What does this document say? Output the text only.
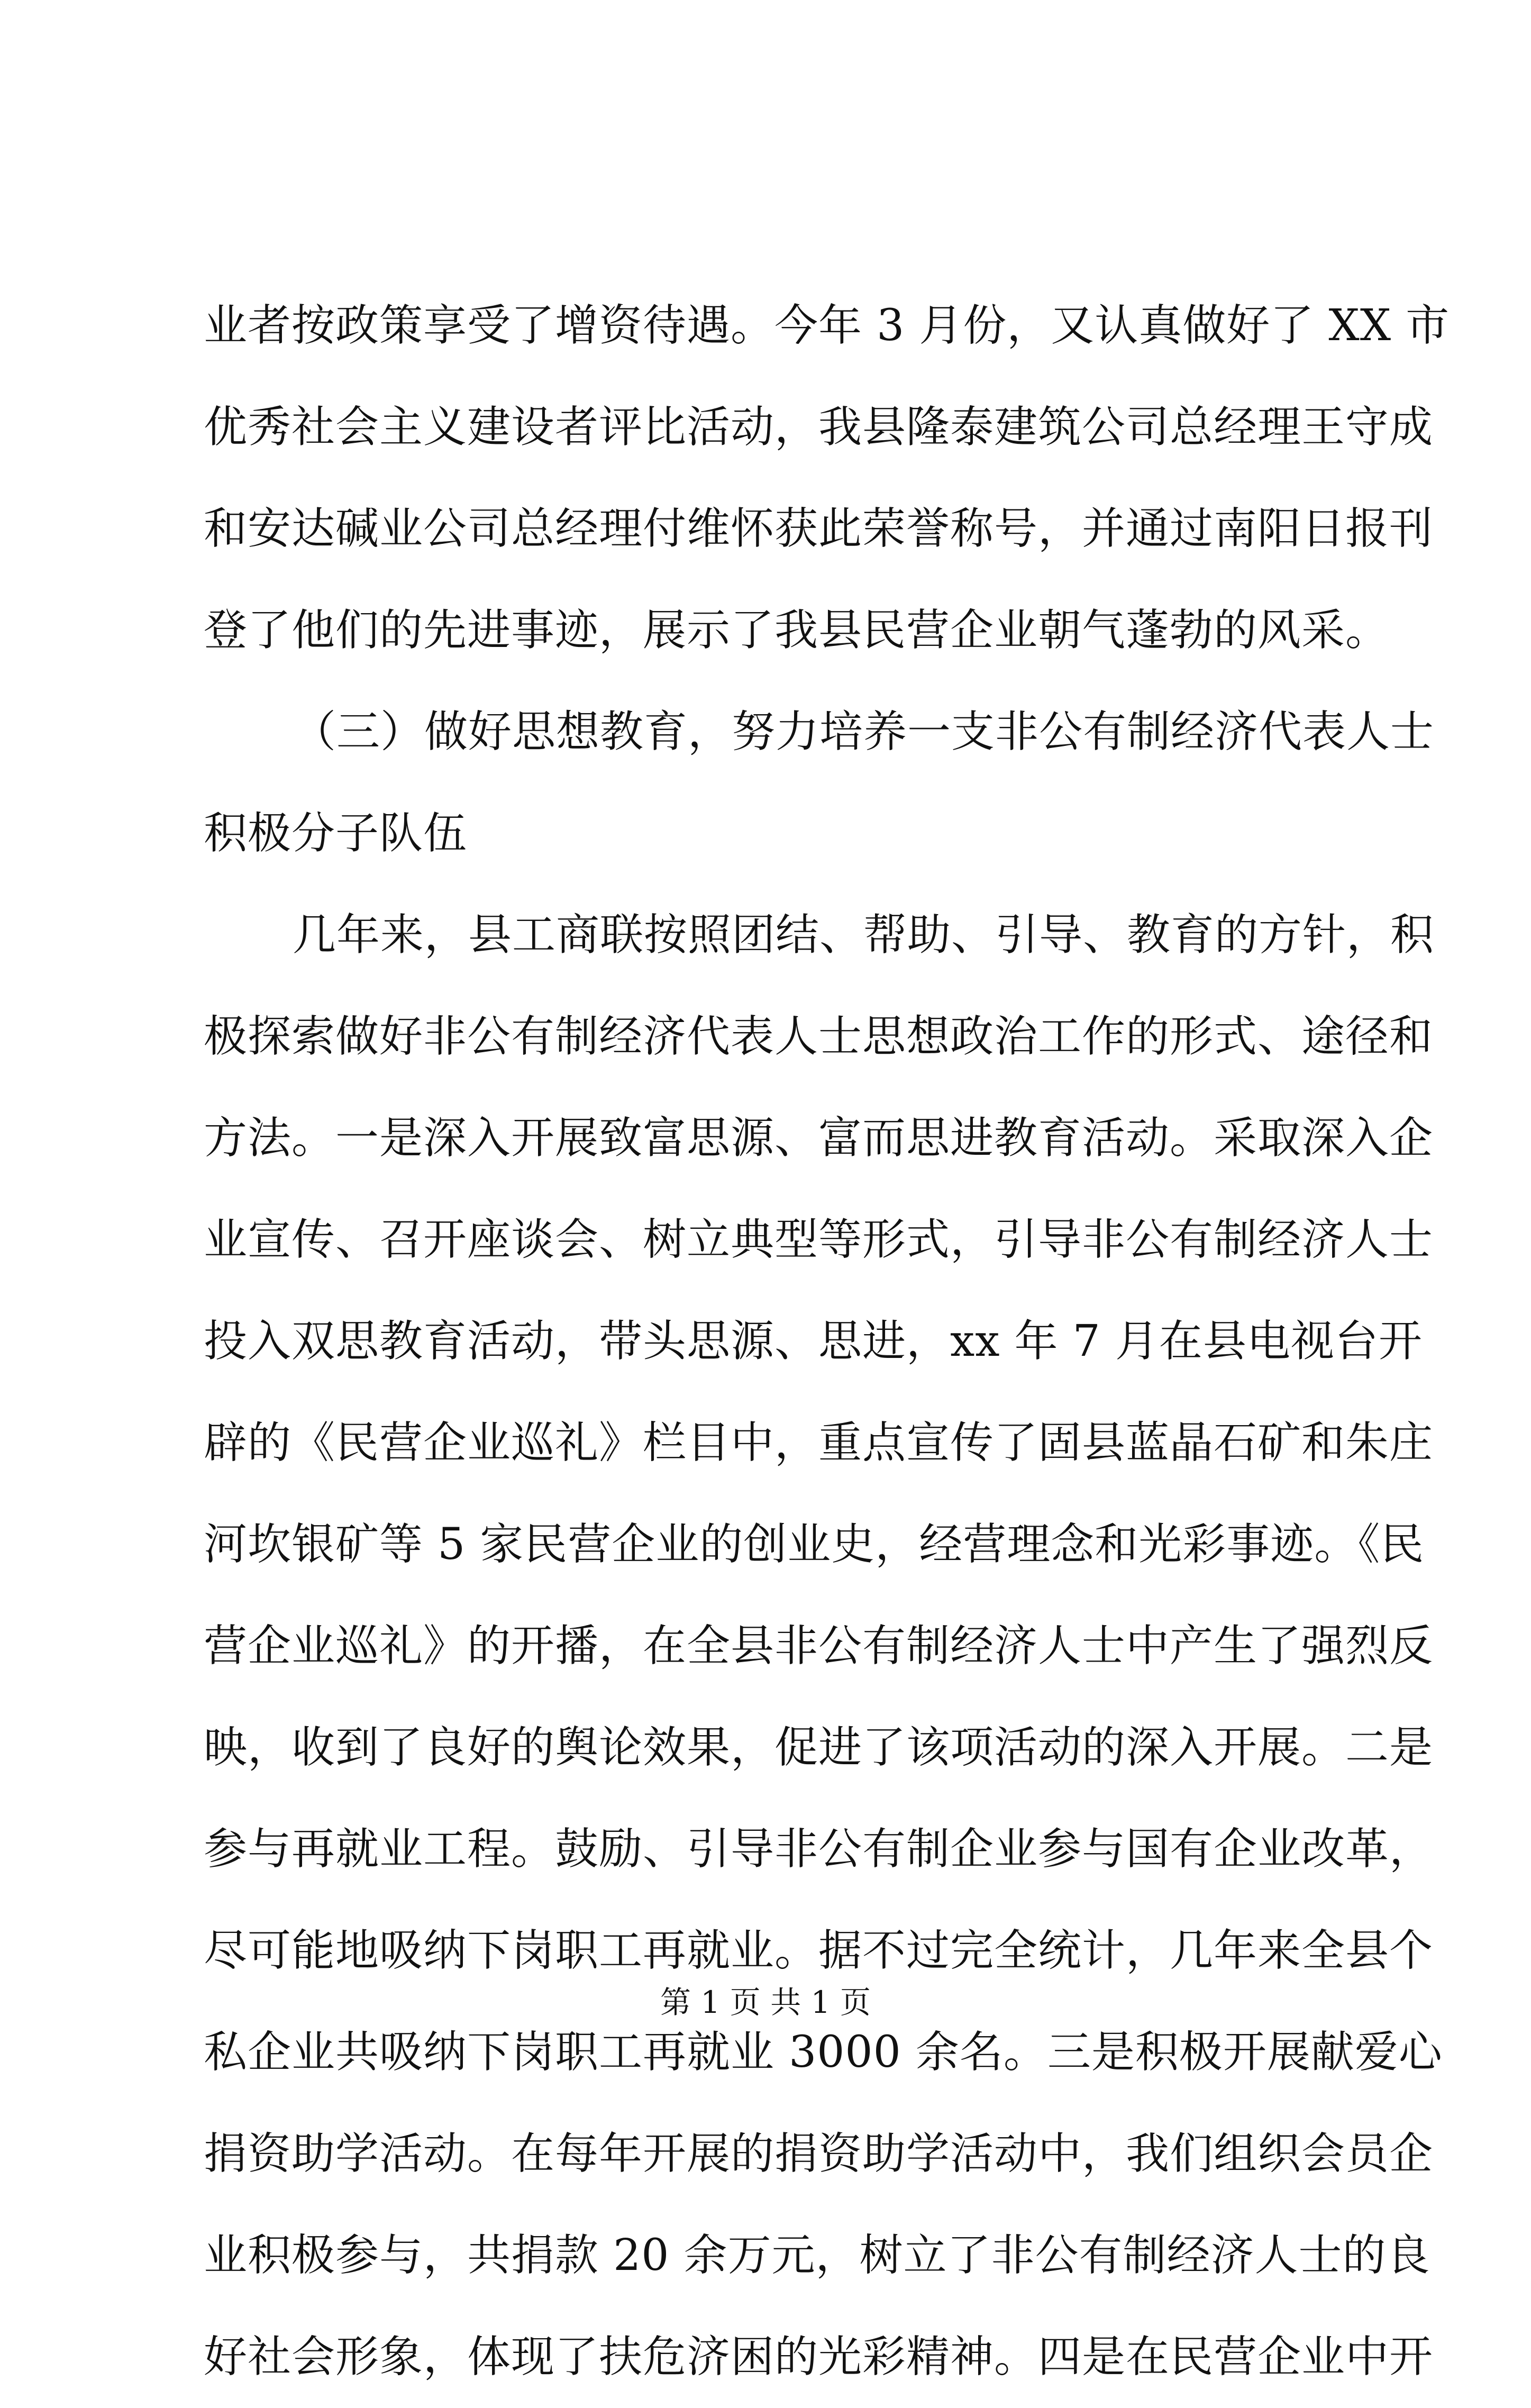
业者按政策享受了增资待遇。今年 3 月份，又认真做好了 XX 市
优秀社会主义建设者评比活动，我县隆泰建筑公司总经理王守成
和安达碱业公司总经理付维怀获此荣誉称号，并通过南阳日报刊
登了他们的先进事迹，展示了我县民营企业朝气蓬勃的风采。
（三）做好思想教育，努力培养一支非公有制经济代表人士
积极分子队伍
几年来，县工商联按照团结、帮助、引导、教育的方针，积
极探索做好非公有制经济代表人士思想政治工作的形式、途径和
方法。一是深入开展致富思源、富而思进教育活动。采取深入企
业宣传、召开座谈会、树立典型等形式，引导非公有制经济人士
投入双思教育活动，带头思源、思进，xx 年 7 月在县电视台开
辟的《民营企业巡礼》栏目中，重点宣传了固县蓝晶石矿和朱庄
河坎银矿等 5 家民营企业的创业史，经营理念和光彩事迹。《民
营企业巡礼》的开播，在全县非公有制经济人士中产生了强烈反
映，收到了良好的舆论效果，促进了该项活动的深入开展。二是
参与再就业工程。鼓励、引导非公有制企业参与国有企业改革，
尽可能地吸纳下岗职工再就业。据不过完全统计，几年来全县个
私企业共吸纳下岗职工再就业 3000 余名。三是积极开展献爱心
捐资助学活动。在每年开展的捐资助学活动中，我们组织会员企
业积极参与，共捐款 20 余万元，树立了非公有制经济人士的良
好社会形象，体现了扶危济困的光彩精神。四是在民营企业中开
第 1 页 共 1 页
